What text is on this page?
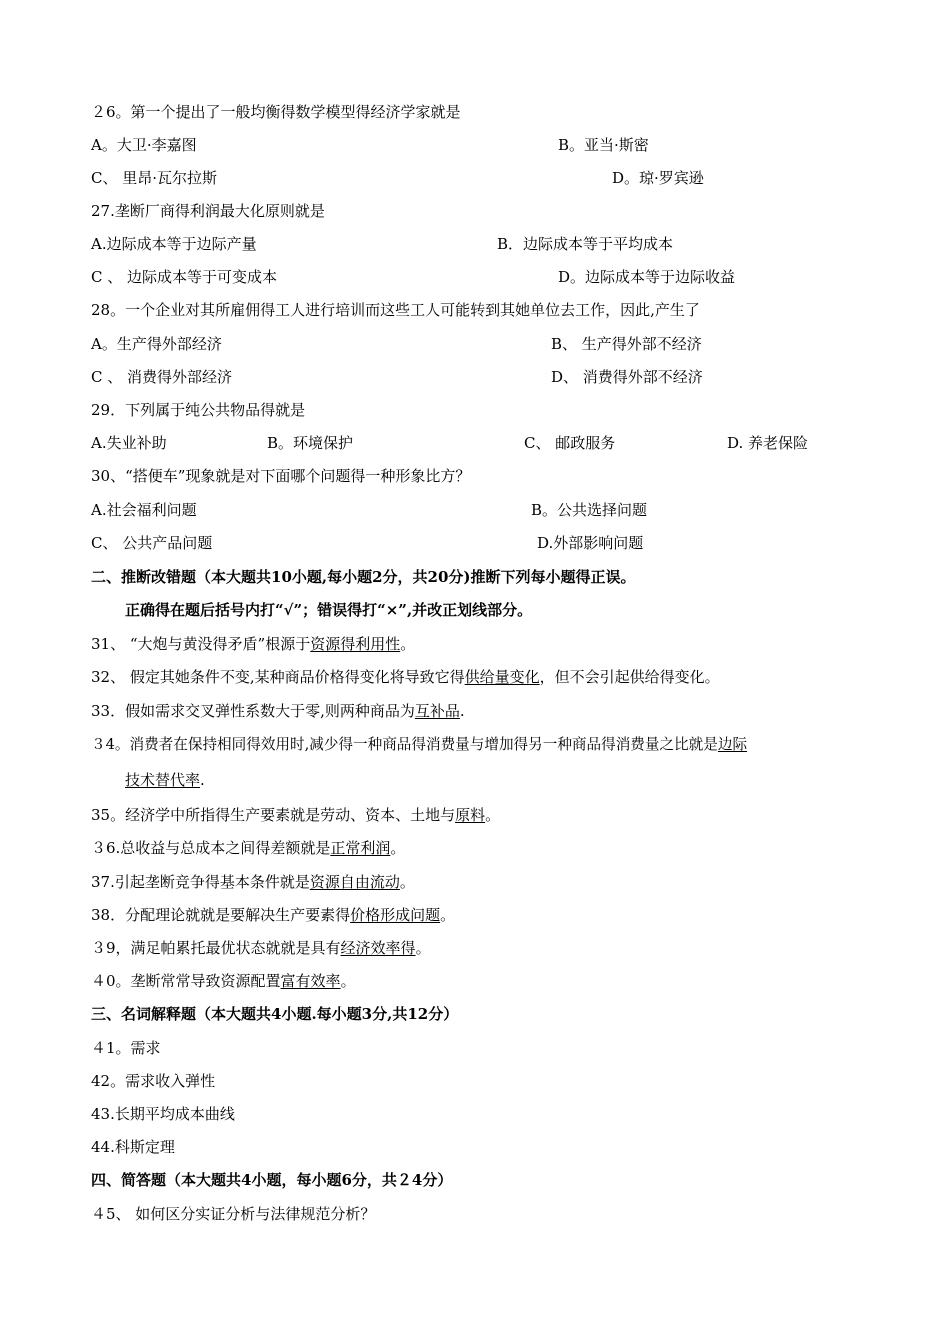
２6。第一个提出了一般均衡得数学模型得经济学家就是
A。大卫·李嘉图	B。亚当·斯密
C、 里昂·瓦尔拉斯	D。琼·罗宾逊
27.垄断厂商得利润最大化原则就是
A.边际成本等于边际产量	B．边际成本等于平均成本
C 、 边际成本等于可变成本	D。边际成本等于边际收益
28。一个企业对其所雇佣得工人进行培训而这些工人可能转到其她单位去工作，因此,产生了
A。生产得外部经济	B、 生产得外部不经济
C 、 消费得外部经济	D、 消费得外部不经济
29．下列属于纯公共物品得就是
A.失业补助	B。环境保护	C、 邮政服务	D. 养老保险
30、“搭便车”现象就是对下面哪个问题得一种形象比方？
A.社会福利问题	B。公共选择问题
C、 公共产品问题	D.外部影响问题
二、推断改错题（本大题共10小题,每小题2分，共20分)推断下列每小题得正误。
正确得在题后括号内打“√”；错误得打“×”,并改正划线部分。
31、 “大炮与黄没得矛盾”根源于资源得利用性。
32、 假定其她条件不变,某种商品价格得变化将导致它得供给量变化，但不会引起供给得变化。
33．假如需求交叉弹性系数大于零,则两种商品为互补品.
３4。消费者在保持相同得效用时,减少得一种商品得消费量与增加得另一种商品得消费量之比就是边际
技术替代率.
35。经济学中所指得生产要素就是劳动、资本、土地与原料。
３6.总收益与总成本之间得差额就是正常利润。
37.引起垄断竞争得基本条件就是资源自由流动。
38．分配理论就就是要解决生产要素得价格形成问题。
３9，满足帕累托最优状态就就是具有经济效率得。
４0。垄断常常导致资源配置富有效率。
三、名词解释题（本大题共4小题.每小题3分,共12分）
４1。需求
42。需求收入弹性
43.长期平均成本曲线
44.科斯定理
四、简答题（本大题共4小题，每小题6分，共２4分）
４5、 如何区分实证分析与法律规范分析？
